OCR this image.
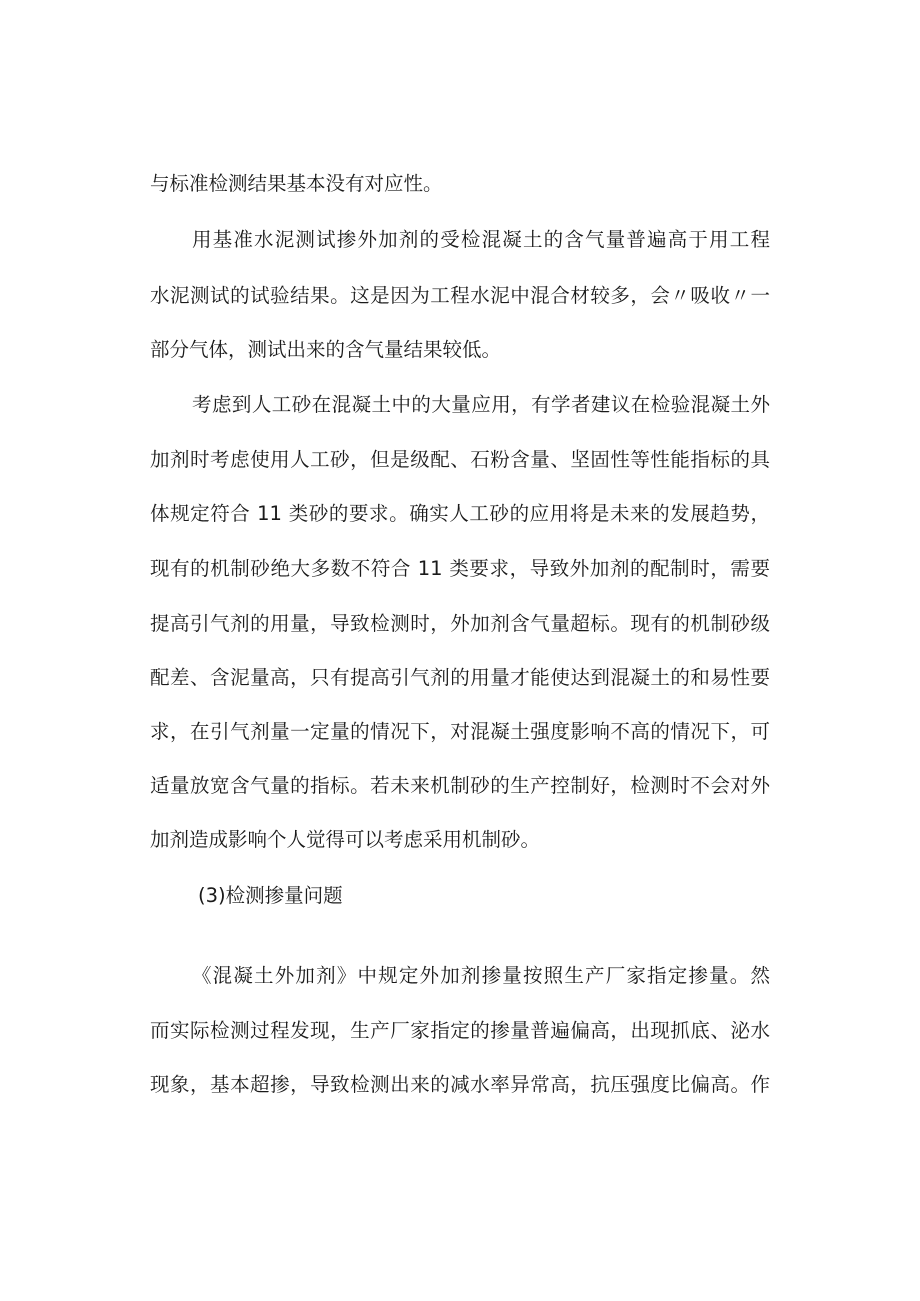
与标准检测结果基本没有对应性。
用基准水泥测试掺外加剂的受检混凝土的含气量普遍高于用工程
水泥测试的试验结果。这是因为工程水泥中混合材较多，会〃吸收〃一
部分气体，测试出来的含气量结果较低。
考虑到人工砂在混凝土中的大量应用，有学者建议在检验混凝土外
加剂时考虑使用人工砂，但是级配、石粉含量、坚固性等性能指标的具
体规定符合 11 类砂的要求。确实人工砂的应用将是未来的发展趋势，
现有的机制砂绝大多数不符合 11 类要求，导致外加剂的配制时，需要
提高引气剂的用量，导致检测时，外加剂含气量超标。现有的机制砂级
配差、含泥量高，只有提高引气剂的用量才能使达到混凝土的和易性要
求，在引气剂量一定量的情况下，对混凝土强度影响不高的情况下，可
适量放宽含气量的指标。若未来机制砂的生产控制好，检测时不会对外
加剂造成影响个人觉得可以考虑采用机制砂。
(3)检测掺量问题
《混凝土外加剂》中规定外加剂掺量按照生产厂家指定掺量。然
而实际检测过程发现，生产厂家指定的掺量普遍偏高，出现抓底、泌水
现象，基本超掺，导致检测出来的减水率异常高，抗压强度比偏高。作
